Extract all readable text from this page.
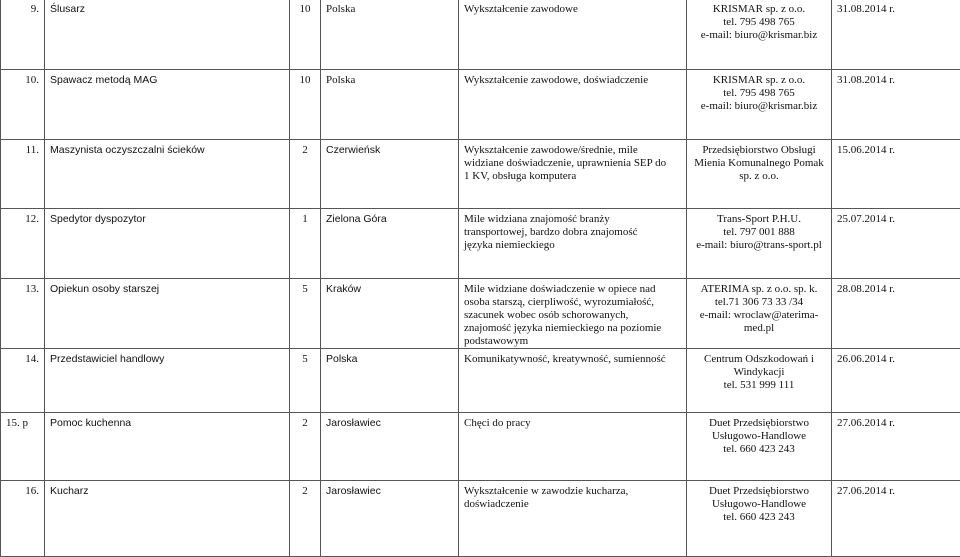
9.	Ślusarz	10	Polska	Wykształcenie zawodowe	KRISMAR sp. z o.o.
tel. 795 498 765
e-mail: biuro@krismar.biz	31.08.2014 r.
10.	Spawacz metodą MAG	10	Polska	Wykształcenie zawodowe, doświadczenie	KRISMAR sp. z o.o.
tel. 795 498 765
e-mail: biuro@krismar.biz	31.08.2014 r.
11.	Maszynista oczyszczalni ścieków	2	Czerwieńsk	Wykształcenie zawodowe/średnie, mile
widziane doświadczenie, uprawnienia SEP do
1 KV, obsługa komputera	Przedsiębiorstwo Obsługi
Mienia Komunalnego Pomak
sp. z o.o.	15.06.2014 r.
12.	Spedytor dyspozytor	1	Zielona Góra	Mile widziana znajomość branży
transportowej, bardzo dobra znajomość
języka niemieckiego	Trans-Sport P.H.U.
tel. 797 001 888
e-mail: biuro@trans-sport.pl	25.07.2014 r.
13.	Opiekun osoby starszej	5	Kraków	Mile widziane doświadczenie w opiece nad
osoba starszą, cierpliwość, wyrozumiałość,
szacunek wobec osób schorowanych,
znajomość języka niemieckiego na poziomie
podstawowym	ATERIMA sp. z o.o. sp. k.
tel.71 306 73 33 /34
e-mail: wroclaw@aterima-
med.pl	28.08.2014 r.
14.	Przedstawiciel handlowy	5	Polska	Komunikatywność, kreatywność, sumienność	Centrum Odszkodowań i
Windykacji
tel. 531 999 111	26.06.2014 r.
15. p	Pomoc kuchenna	2	Jarosławiec	Chęci do pracy	Duet Przedsiębiorstwo
Usługowo-Handlowe
tel. 660 423 243	27.06.2014 r.
16.	Kucharz	2	Jarosławiec	Wykształcenie w zawodzie kucharza,
doświadczenie	Duet Przedsiębiorstwo
Usługowo-Handlowe
tel. 660 423 243	27.06.2014 r.
